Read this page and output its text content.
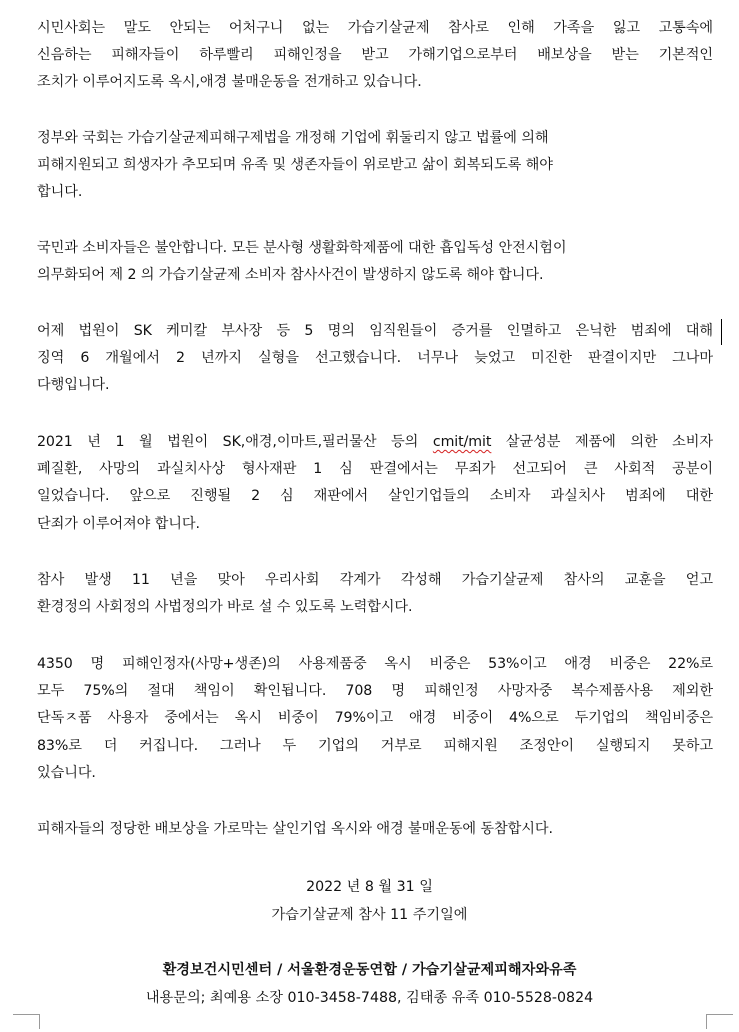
시민사회는 말도 안되는 어처구니 없는 가습기살균제 참사로 인해 가족을 잃고 고통속에
신음하는 피해자들이 하루빨리 피해인정을 받고 가해기업으로부터 배보상을 받는 기본적인
조치가 이루어지도록 옥시,애경 불매운동을 전개하고 있습니다.

정부와 국회는 가습기살균제피해구제법을 개정해 기업에 휘둘리지 않고 법률에 의해
피해지원되고 희생자가 추모되며 유족 및 생존자들이 위로받고 삶이 회복되도록 해야
합니다.

국민과 소비자들은 불안합니다. 모든 분사형 생활화학제품에 대한 흡입독성 안전시험이
의무화되어 제 2 의 가습기살균제 소비자 참사사건이 발생하지 않도록 해야 합니다.

어제 법원이 SK 케미칼 부사장 등 5 명의 임직원들이 증거를 인멸하고 은닉한 범죄에 대해
징역 6 개월에서 2 년까지 실형을 선고했습니다. 너무나 늦었고 미진한 판결이지만 그나마
다행입니다.

2021 년 1 월 법원이 SK,애경,이마트,필러물산 등의 cmit/mit 살균성분 제품에 의한 소비자
폐질환, 사망의 과실치사상 형사재판 1 심 판결에서는 무죄가 선고되어 큰 사회적 공분이
일었습니다. 앞으로 진행될 2 심 재판에서 살인기업들의 소비자 과실치사 범죄에 대한
단죄가 이루어져야 합니다.

참사 발생 11 년을 맞아 우리사회 각계가 각성해 가습기살균제 참사의 교훈을 얻고
환경정의 사회정의 사법정의가 바로 설 수 있도록 노력합시다.

4350 명 피해인정자(사망+생존)의 사용제품중 옥시 비중은 53%이고 애경 비중은 22%로
모두 75%의 절대 책임이 확인됩니다. 708 명 피해인정 사망자중 복수제품사용 제외한
단독ㅈ품 사용자 중에서는 옥시 비중이 79%이고 애경 비중이 4%으로 두기업의 책임비중은
83%로 더 커집니다. 그러나 두 기업의 거부로 피해지원 조정안이 실행되지 못하고
있습니다.

피해자들의 정당한 배보상을 가로막는 살인기업 옥시와 애경 불매운동에 동참합시다.

2022 년 8 월 31 일
가습기살균제 참사 11 주기일에
환경보건시민센터 / 서울환경운동연합 / 가습기살균제피해자와유족
내용문의; 최예용 소장 010-3458-7488, 김태종 유족 010-5528-0824
